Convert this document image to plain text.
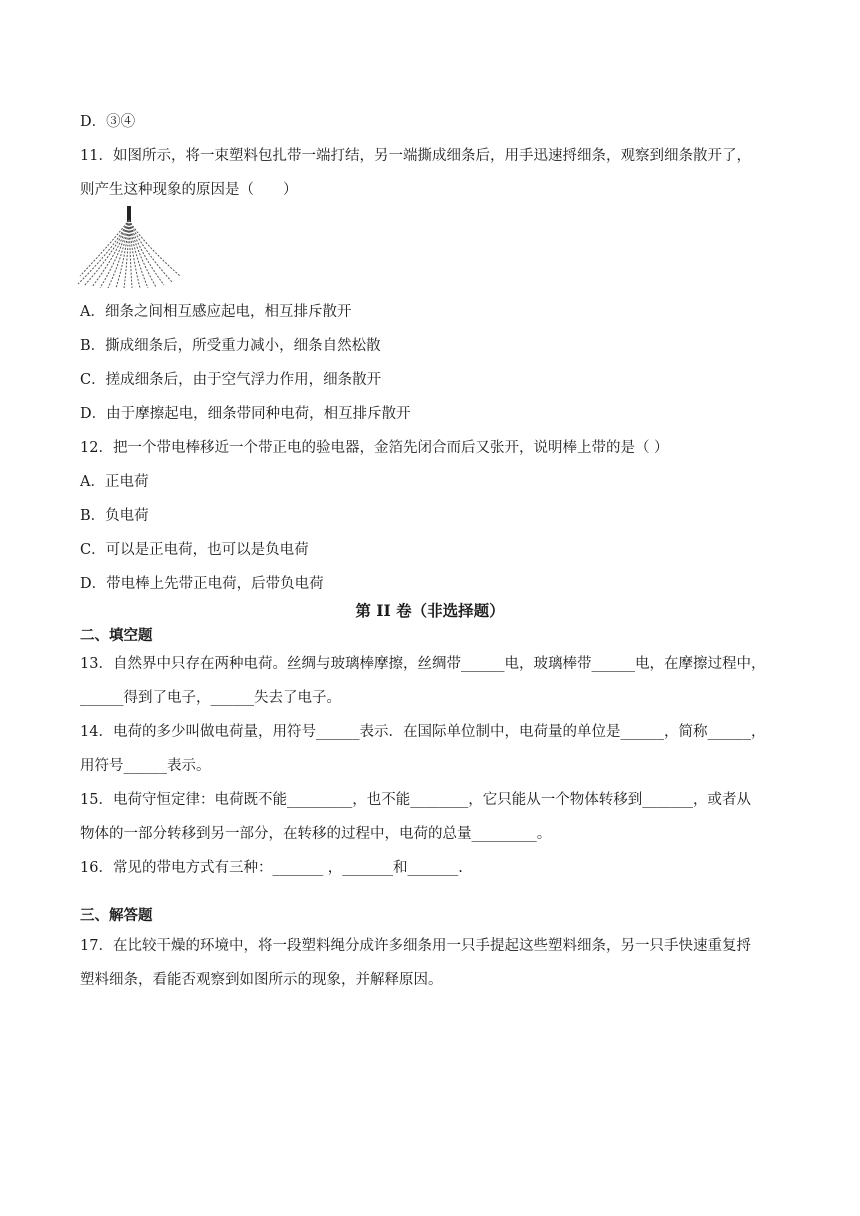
D．③④
11．如图所示，将一束塑料包扎带一端打结，另一端撕成细条后，用手迅速捋细条，观察到细条散开了，
则产生这种现象的原因是（　　）
A．细条之间相互感应起电，相互排斥散开
B．撕成细条后，所受重力减小，细条自然松散
C．搓成细条后，由于空气浮力作用，细条散开
D．由于摩擦起电，细条带同种电荷，相互排斥散开
12．把一个带电棒移近一个带正电的验电器，金箔先闭合而后又张开，说明棒上带的是（ ）
A．正电荷
B．负电荷
C．可以是正电荷，也可以是负电荷
D．带电棒上先带正电荷，后带负电荷
第 II 卷（非选择题）
二、填空题
13．自然界中只存在两种电荷。丝绸与玻璃棒摩擦，丝绸带______电，玻璃棒带______电，在摩擦过程中，
______得到了电子，______失去了电子。
14．电荷的多少叫做电荷量，用符号______表示．在国际单位制中，电荷量的单位是______，简称______，
用符号______表示。
15．电荷守恒定律：电荷既不能_________，也不能________，它只能从一个物体转移到_______，或者从
物体的一部分转移到另一部分，在转移的过程中，电荷的总量_________。
16．常见的带电方式有三种：_______ ，_______和_______.
三、解答题
17．在比较干燥的环境中，将一段塑料绳分成许多细条用一只手提起这些塑料细条，另一只手快速重复捋
塑料细条，看能否观察到如图所示的现象，并解释原因。
